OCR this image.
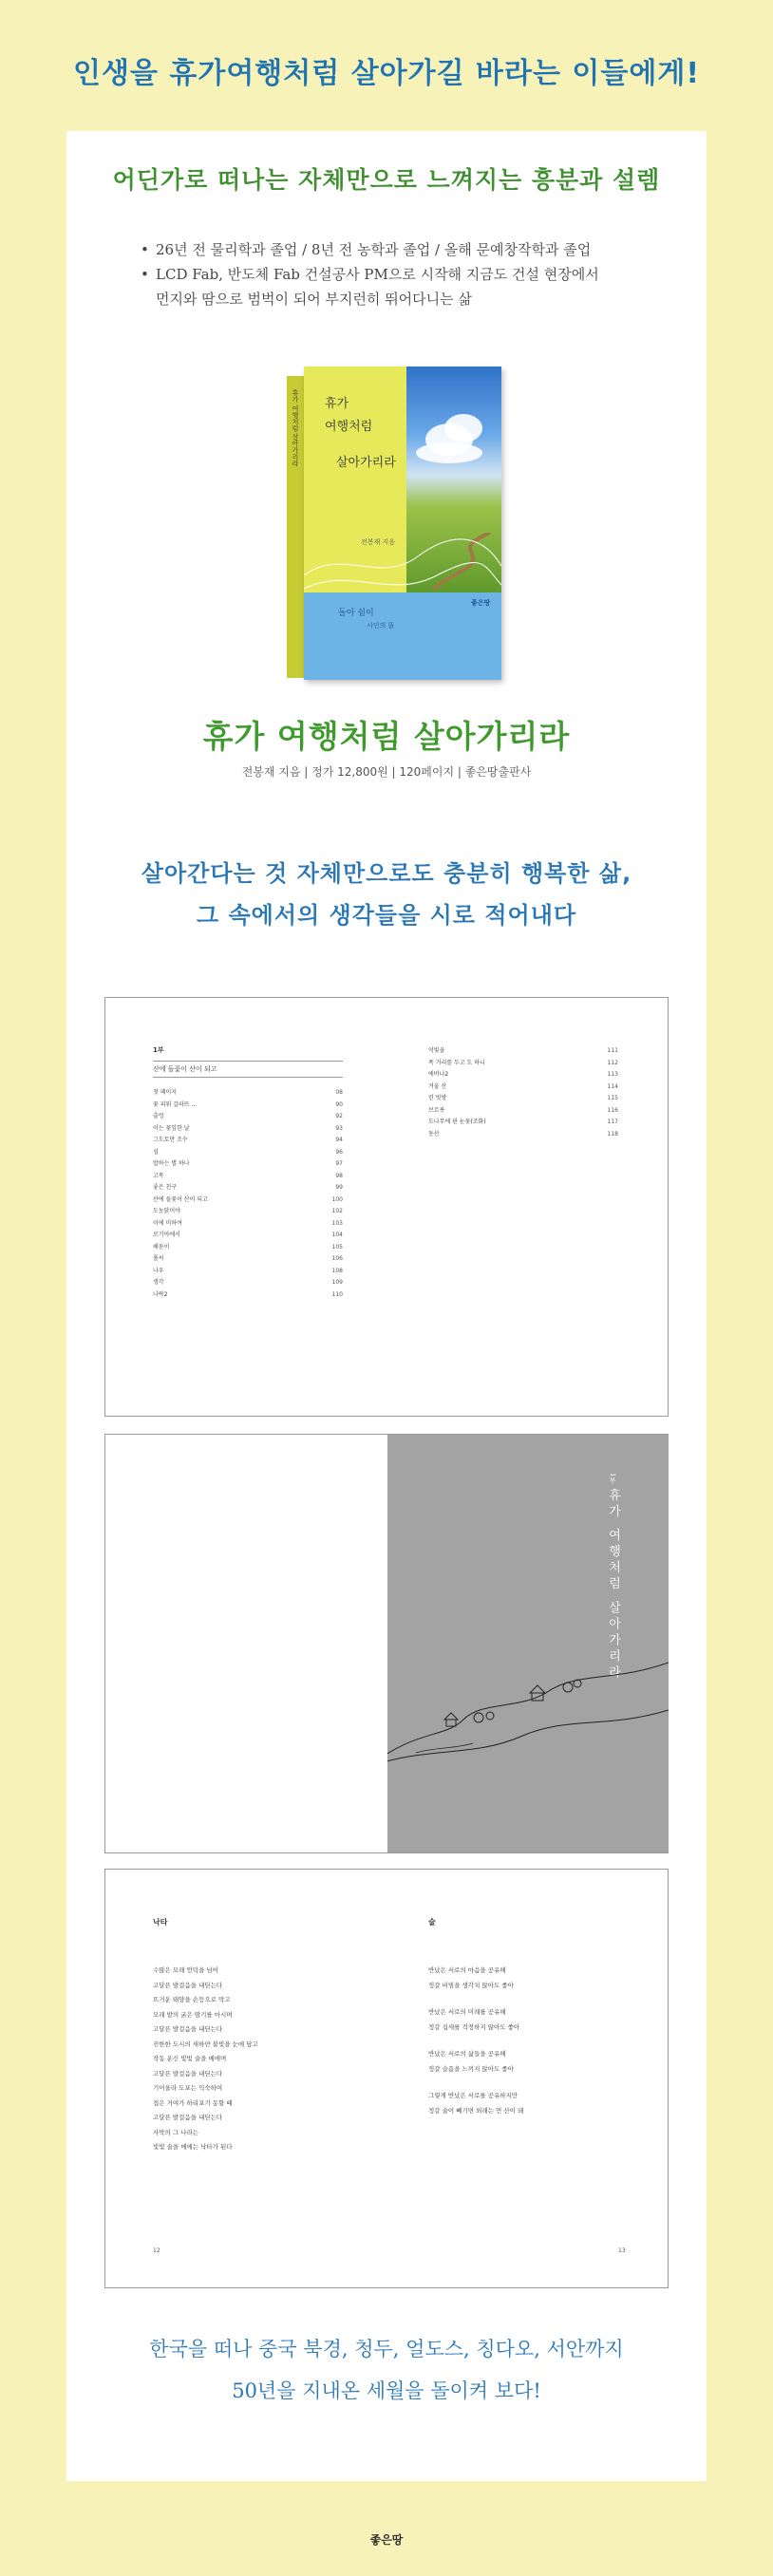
인생을 휴가여행처럼 살아가길 바라는 이들에게!
어딘가로 떠나는 자체만으로 느껴지는 흥분과 설렘
• 26년 전 물리학과 졸업 / 8년 전 농학과 졸업 / 올해 문예창작학과 졸업
• LCD Fab, 반도체 Fab 건설공사 PM으로 시작해 지금도 건설 현장에서
먼지와 땀으로 범벅이 되어 부지런히 뛰어다니는 삶
휴가 여행처럼 살아가리라 휴가
여행처럼
살아가리라
전봉재 지음
돌아 쉼이
시인의 뜰
좋은땅
휴가 여행처럼 살아가리라
전봉재 지음 | 정가 12,800원 | 120페이지 | 좋은땅출판사
살아간다는 것 자체만으로도 충분히 행복한 삶,
그 속에서의 생각들을 시로 적어내다
1부
산에 들꽃이 산이 되고
첫 페이지	08
꽃 피워 갈라뜨 …	90
출렁	92
이는 꽃잎한 날	93
그도토만 조수	94
섬	96
밥하는 별 하나	97
고목	98
좋은 친구	99
산에 들꽃이 산이 되고	100
도농닭이야	102
이에 미하여	103
로기아에서	104
해돋이	105
폴씨	106
나우	108
생각	109
나락2	110
억빛을	111
폭 거리를 두고 도 하니	112
에버나2	113
겨울 산	114
린 빗방	115
브르릇	116
도나무에 핀 눈꽃(조화)	117
동산	118
1부 휴가 여행처럼 살아가리라
낙타
수많은 모래 언덕을 넘어
고달픈 발걸음을 내딛는다
뜨거운 태양을 손등으로 막고
모래 밭의 굵은 땀기를 마시며
고달픈 발걸음을 내딛는다
진한한 도시의 새하얀 불빛을 눈에 담고
작동 운신 빛빛 술을 메에며
고달픈 발걸음을 내딛는다
기어올라 도포는 익숙하여
접은 거여가 하리포기 동할 때
고달픈 발걸음을 내딛는다
사막의 그 나라는
빛빛 술을 메에는 낙타가 된다
술
반났은 서로의 마음을 공유해
정갈 비빔을 생각치 않아도 좋아
반났은 서로의 미래를 공유해
정갈 십세를 걱정하지 않아도 좋아
반났은 서로의 삶들을 공유해
정갈 슬픔을 느끼지 않아도 좋아
그렇게 반났은 서로를 공유하지만
정갈 술이 빼기면 외래는 먼 산이 돼
12	13
한국을 떠나 중국 북경, 청두, 얼도스, 칭다오, 서안까지
50년을 지내온 세월을 돌이켜 보다!
좋은땅
